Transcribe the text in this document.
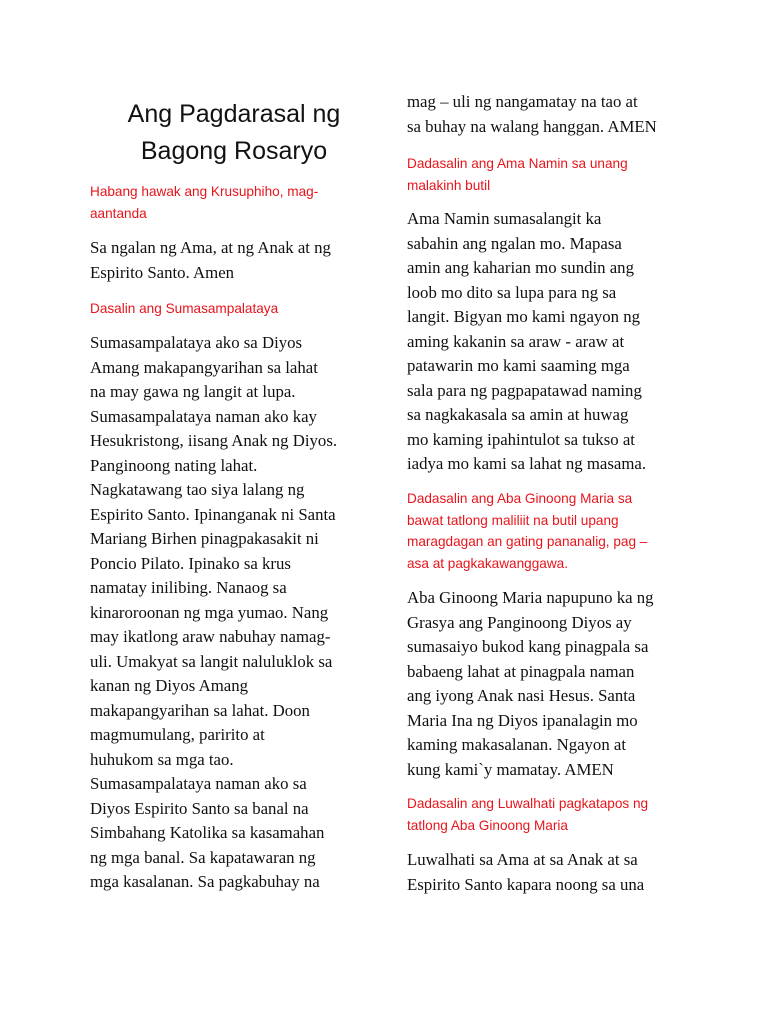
Ang Pagdarasal ng
Bagong Rosaryo
Habang hawak ang Krusuphiho, mag-
aantanda
Sa ngalan ng Ama, at ng Anak at ng
Espirito Santo. Amen
Dasalin ang Sumasampalataya
Sumasampalataya ako sa Diyos
Amang makapangyarihan sa lahat
na may gawa ng langit at lupa.
Sumasampalataya naman ako kay
Hesukristong, iisang Anak ng Diyos.
Panginoong nating lahat.
Nagkatawang tao siya lalang ng
Espirito Santo. Ipinanganak ni Santa
Mariang Birhen pinagpakasakit ni
Poncio Pilato. Ipinako sa krus
namatay inilibing. Nanaog sa
kinaroroonan ng mga yumao. Nang
may ikatlong araw nabuhay namag-
uli. Umakyat sa langit naluluklok sa
kanan ng Diyos Amang
makapangyarihan sa lahat. Doon
magmumulang, paririto at
huhukom sa mga tao.
Sumasampalataya naman ako sa
Diyos Espirito Santo sa banal na
Simbahang Katolika sa kasamahan
ng mga banal. Sa kapatawaran ng
mga kasalanan. Sa pagkabuhay na
mag – uli ng nangamatay na tao at
sa buhay na walang hanggan. AMEN
Dadasalin ang Ama Namin sa unang
malakinh butil
Ama Namin sumasalangit ka
sabahin ang ngalan mo. Mapasa
amin ang kaharian mo sundin ang
loob mo dito sa lupa para ng sa
langit. Bigyan mo kami ngayon ng
aming kakanin sa araw - araw at
patawarin mo kami saaming mga
sala para ng pagpapatawad naming
sa nagkakasala sa amin at huwag
mo kaming ipahintulot sa tukso at
iadya mo kami sa lahat ng masama.
Dadasalin ang Aba Ginoong Maria sa
bawat tatlong maliliit na butil upang
maragdagan an gating pananalig, pag –
asa at pagkakawanggawa.
Aba Ginoong Maria napupuno ka ng
Grasya ang Panginoong Diyos ay
sumasaiyo bukod kang pinagpala sa
babaeng lahat at pinagpala naman
ang iyong Anak nasi Hesus. Santa
Maria Ina ng Diyos ipanalagin mo
kaming makasalanan. Ngayon at
kung kami`y mamatay. AMEN
Dadasalin ang Luwalhati pagkatapos ng
tatlong Aba Ginoong Maria
Luwalhati sa Ama at sa Anak at sa
Espirito Santo kapara noong sa una
